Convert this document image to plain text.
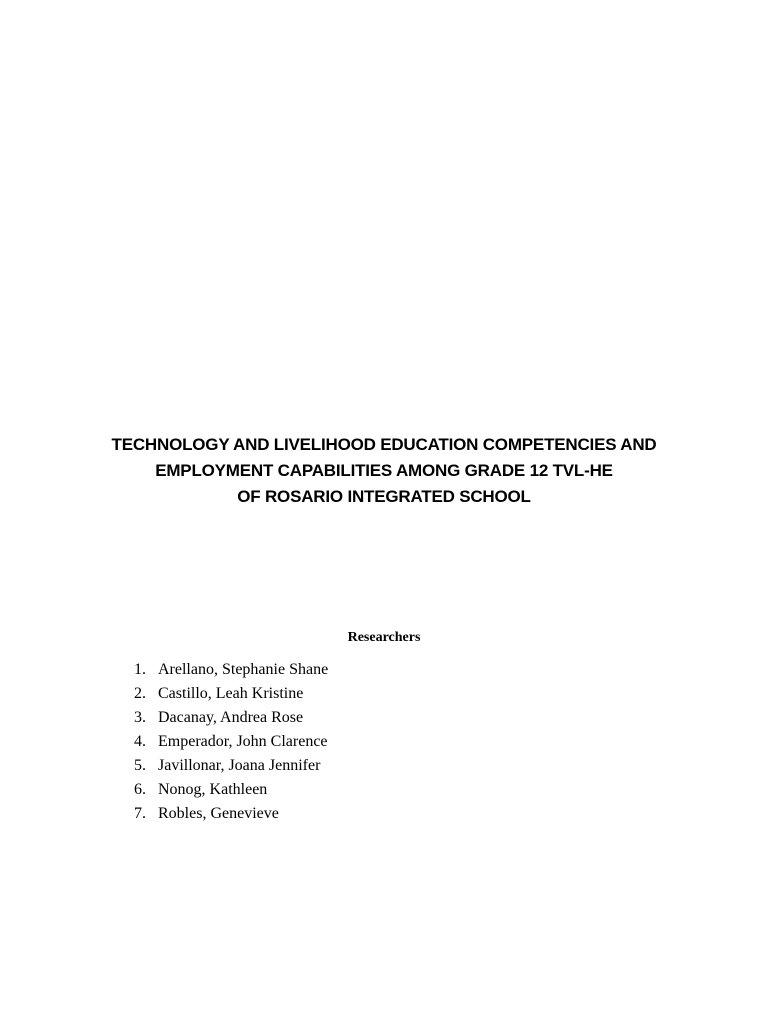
TECHNOLOGY AND LIVELIHOOD EDUCATION COMPETENCIES AND
EMPLOYMENT CAPABILITIES AMONG GRADE 12 TVL-HE
OF ROSARIO INTEGRATED SCHOOL
Researchers
1. Arellano, Stephanie Shane
2. Castillo, Leah Kristine
3. Dacanay, Andrea Rose
4. Emperador, John Clarence
5. Javillonar, Joana Jennifer
6. Nonog, Kathleen
7. Robles, Genevieve
